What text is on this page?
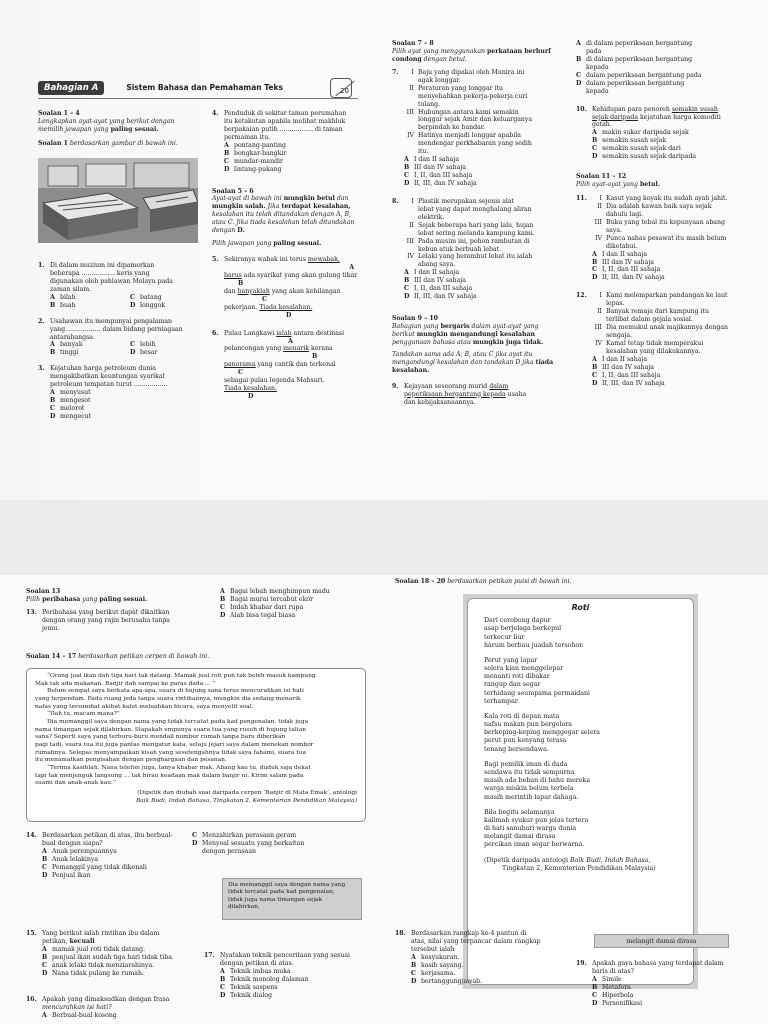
Bahagian A	Sistem Bahasa dan Pemahaman Teks	20
Soalan 1 – 4
Lengkapkan ayat-ayat yang berikut dengan memilih jawapan yang paling sesuai.
Soalan 1 berdasarkan gambar di bawah ini.
1. Di dalam muzium ini dipamerkan
beberapa ................. keris yang
digunakan oleh pahlawan Melayu pada
zaman silam.
A bilah
B buah
C batang
D longgok
2. Usahawan itu mempunyai pengalaman
yang.................. dalam bidang perniagaan
antarabangsa.
A banyak
B tinggi
C lebih
D besar
3. Kejatuhan harga petroleum dunia
mengakibatkan keuntungan syarikat
petroleum tempatan turut .................
A menyusut
B mengesot
C melorot
D mengecut
4. Penduduk di sekitar taman perumahan
itu ketakutan apabila melihat makhluk
berpakaian putih ................. di taman
permainan itu.
A pontang-panting
B bongkar-bangkir
C mundar-mandir
D lintang-pukang
Soalan 5 – 6
Ayat-ayat di bawah ini mungkin betul dan mungkin salah. Jika terdapat kesalahan, kesalahan itu telah ditandakan dengan A, B, atau C. Jika tiada kesalahan telah ditandakan dengan D.
Pilih jawapan yang paling sesuai.
5. Sekiranya wabak ini terus mewabak,
A
barus ada syarikat yang akan gulung tikar
B
dan banyaklah yang akan kehilangan
C
pekerjaan. Tiada kesalahan.
D
6. Pulau Langkawi ialah antara destinasi
A
pelancongan yang menarik kerana
B
panorama yang cantik dan terkenal
C
sebagai pulau legenda Mahsuri.
Tiada kesalahan.
D
Soalan 7 – 8
Pilih ayat yang menggunakan perkataan berhurf condong dengan betul.
7.	I Baju yang dipakai oleh Munira ini
agak longgar.
II Peraturan yang longgar itu
menyebabkan pekerja-pekerja curi
tulang.
III Hubungan antara kami semakin
longgar sejak Amir dan keluarganya
berpindah ke bandar.
IV Hatinya menjadi longgar apabila
mendengar perkhabaran yang sedih
itu.
A I dan II sahaja
B III dan IV sahaja
C I, II, dan III sahaja
D II, III, dan IV sahaja
8.	I Plastik merupakan sejenis alat
lebat yang dapat menghalang aliran
elektrik.
II Sejak beberapa hari yang lalu, hujan
lebat sering melanda kampung kami.
III Pada musim ini, pohon rambutan di
kebun atuk berbuah lebat.
IV Lelaki yang berambut lebat itu ialah
abang saya.
A I dan II sahaja
B III dan IV sahaja
C I, II, dan III sahaja
D II, III, dan IV sahaja
Soalan 9 – 10
Bahagian yang bergaris dalam ayat-ayat yang berikut mungkin mengandungi kesalahan penggunaan bahasa atau mungkin juga tidak.
Tandakan sama ada A, B, atau C jika ayat itu mengandungi kesalahan dan tandakan D jika tiada kesalahan.
9. Kejayaan seseorang murid dalam
peperiksaan bergantung kepada usaha
dan kebijaksanaannya.
A di dalam peperiksaan bergantung
pada
B di dalam peperiksaan bergantung
kepada
C dalam peperiksaan bergantung pada
D dalam peperiksaan bergantung
kepada
10. Kehidupan para penoreh semakin susah
sejak daripada kejatuhan harga komoditi
getah.
A makin sukar daripada sejak
B semakin susah sejak
C semakin susah sejak dari
D semakin susah sejak daripada
Soalan 11 – 12
Pilih ayat-ayat yang betul.
11.	I Kasut yang koyak itu sudah ayah jahit.
II Dia adalah kawan baik saya sejak
dahulu lagi.
III Buku yang tebal itu kepunyaan abang
saya.
IV Punca nahas pesawat itu masih belum
diketahui.
A I dan II sahaja
B III dan IV sahaja
C I, II, dan III sahaja
D II, III, dan IV sahaja
12.	I Kami melemparkan pandangan ke laut
lepas.
II Banyak remaja dari kampung itu
terlibat dalam gejala sosial.
III Dia memukul anak majikannya dengan
sengaja.
IV Kamal tetap tidak memperakui
kesalahan yang dilakukannya.
A I dan II sahaja
B III dan IV sahaja
C I, II, dan III sahaja
D II, III, dan IV sahaja
Soalan 13
Pilih peribahasa yang paling sesuai.
13. Peribahasa yang berikut dapat dikaitkan
dengan orang yang rajin berusaha tanpa
jemu.
A Bagai lebah menghimpun madu
B Bagai murai tercabut ekor
C Indah khabar dari rupa
D Alah bisa tegal biasa
Soalan 14 – 17 berdasarkan petikan cerpen di bawah ini.
“Orang jual ikan dah tiga hari tak datang. Mamak jual roti pun tak boleh masuk kampung.
Mak tak ada makanan. Banjir dah sampai ke paras dada ... ”
Belum sempat saya berkata apa-apa, suara di hujung sana terus mencurahkan isi hati
yang terpendam. Pada ruang jeda tanpa suara rintihannya, mungkin dia sedang menarik
nafas yang tersumbat akibat kalut meluahkan bicara, saya menyelit soal.
“Dah tu, macam mana?”
Dia memanggil saya dengan nama yang tidak tercatat pada kad pengenalan, tidak juga
nama timangan sejak dilahirkan. Siapakah empunya suara tua yang rusuh di hujung talian
sana? Seperti saya yang terburu-buru mendail nombor rumah tanpa baru diberikan
pagi tadi, suara tua itu juga pantas mengatur kata, selaju jejari saya dalam menekan nombor
rumahnya. Selepas menyampaikan kisah yang sesetengahnya tidak saya fahami, suara tua
itu menamatkan pengisahan dengan penghargaan dan pesanan.
“Terima kasihlah. Nana telefon juga, tanya khabar mak. Abang kau tu, duduk saja dekat
tapi tak menjenguk langsung ... tak hirau keadaan mak dalam banjir ni. Kirim salam pada
suami dan anak-anak kau.”
(Dipetik dan diubah suai daripada cerpen ‘Banjir di Mata Emak’, antologi
Baik Budi, Indah Bahasa, Tingkatan 2, Kementerian Pendidikan Malaysia)
14. Berdasarkan petikan di atas, ibu berbual-
bual dengan siapa?
A Anak perempuannya
B Anak lelakinya
C Pemanggil yang tidak dikenali
D Penjual ikan
C Menzahirkan perasaan geram
D Menyoal sesuatu yang berkaitan
dengan perasaan
Dia memanggil saya dengan nama yang
tidak tercatat pada kad pengenalan,
tidak juga nama timangan sejak
dilahirkan.
15. Yang berikut ialah rintihan ibu dalam
petikan, kecuali
A mamak jual roti tidak datang.
B penjual ikan sudah tiga hari tidak tiba.
C anak lelaki tidak menziarahinya.
D Nana tidak pulang ke rumah.
16. Apakah yang dimaksudkan dengan frasa
mencurahkan isi hati?
A Berbual-bual kosong
17. Nyatakan teknik penceritaan yang sesuai
dengan petikan di atas.
A Teknik imbas muka
B Teknik monolog dalaman
C Teknik saspens
D Teknik dialog
Soalan 18 – 20 berdasarkan petikan puisi di bawah ini.
Roti
Dari cerobong dapur
asap berjelaga berkepul
terkecur liur
harum berbau juadah tersohor.
Perut yang lapar
selera kian menggelepar
menanti roti dibakar
rangup dan segar
terhidang seumpama permaidani
terhampar.
Kala roti di depan mata
nafsu makan pun bergelora
berkeping-keping menggegar selera
perut pun kenyang terasa
tenang bersendawa.
Bagi pemilik iman di dada
sendawa itu tidak sempurna
masih ada beban di bahu mereka
warga miskin belum terbela
masih merintih lapar dahaga.
Bila begitu selamanya
kalimah syukur pun jelas tertera
di hati sanubari warga dunia
melangit damai dirasa
percikan iman segar berwarna.
(Dipetik daripada antologi Baik Budi, Indah Bahasa,
Tingkatan 2, Kementerian Pendidikan Malaysia)
18. Berdasarkan rangkap ke-4 pantun di
atas, nilai yang terpancar dalam rangkap
tersebut ialah
A kesyukuran.
B kasih sayang.
C kerjasama.
D bertanggungjawab.
melangit damai dirasa
19. Apakah gaya bahasa yang terdapat dalam
baris di atas?
A Simile
B Metafora
C Hiperbola
D Personifikasi
